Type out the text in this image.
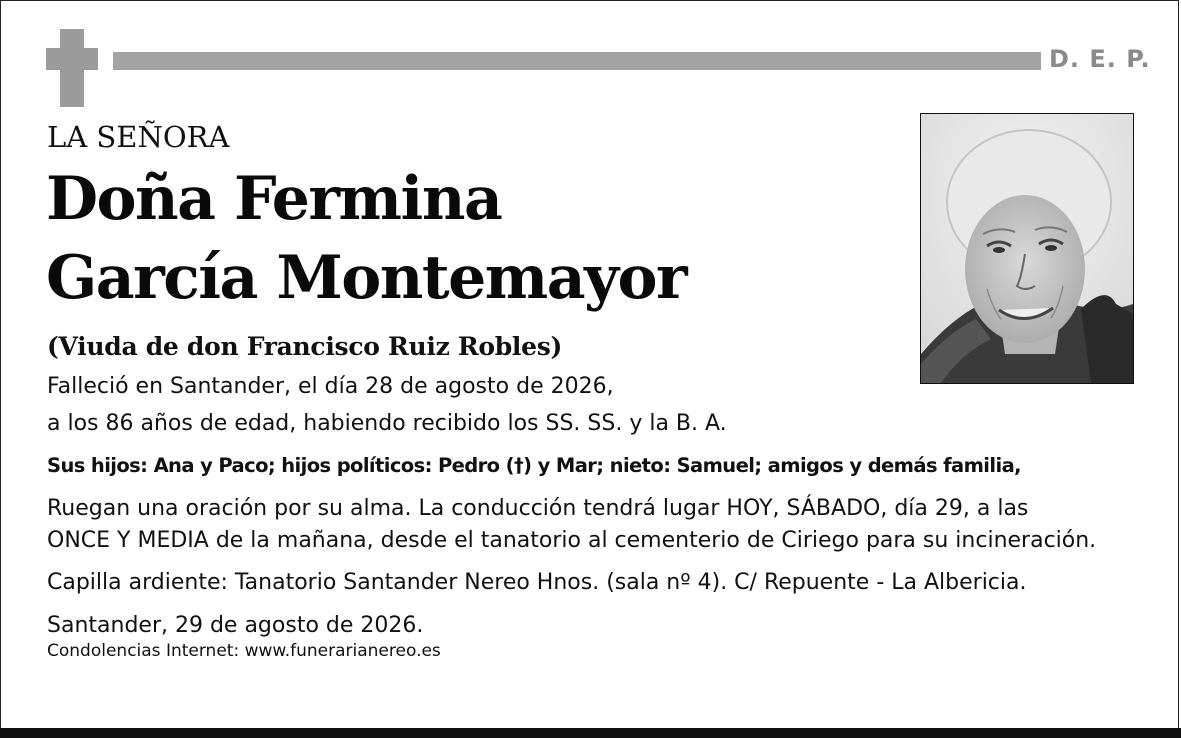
D. E. P.
LA SEÑORA
Doña Fermina
García Montemayor
(Viuda de don Francisco Ruiz Robles)
Falleció en Santander, el día 28 de agosto de 2026,
a los 86 años de edad, habiendo recibido los SS. SS. y la B. A.
Sus hijos: Ana y Paco; hijos políticos: Pedro (†) y Mar; nieto: Samuel; amigos y demás familia,
Ruegan una oración por su alma. La conducción tendrá lugar HOY, SÁBADO, día 29, a las
ONCE Y MEDIA de la mañana, desde el tanatorio al cementerio de Ciriego para su incineración.
Capilla ardiente: Tanatorio Santander Nereo Hnos. (sala nº 4). C/ Repuente - La Albericia.
Santander, 29 de agosto de 2026.
Condolencias Internet: www.funerarianereo.es
